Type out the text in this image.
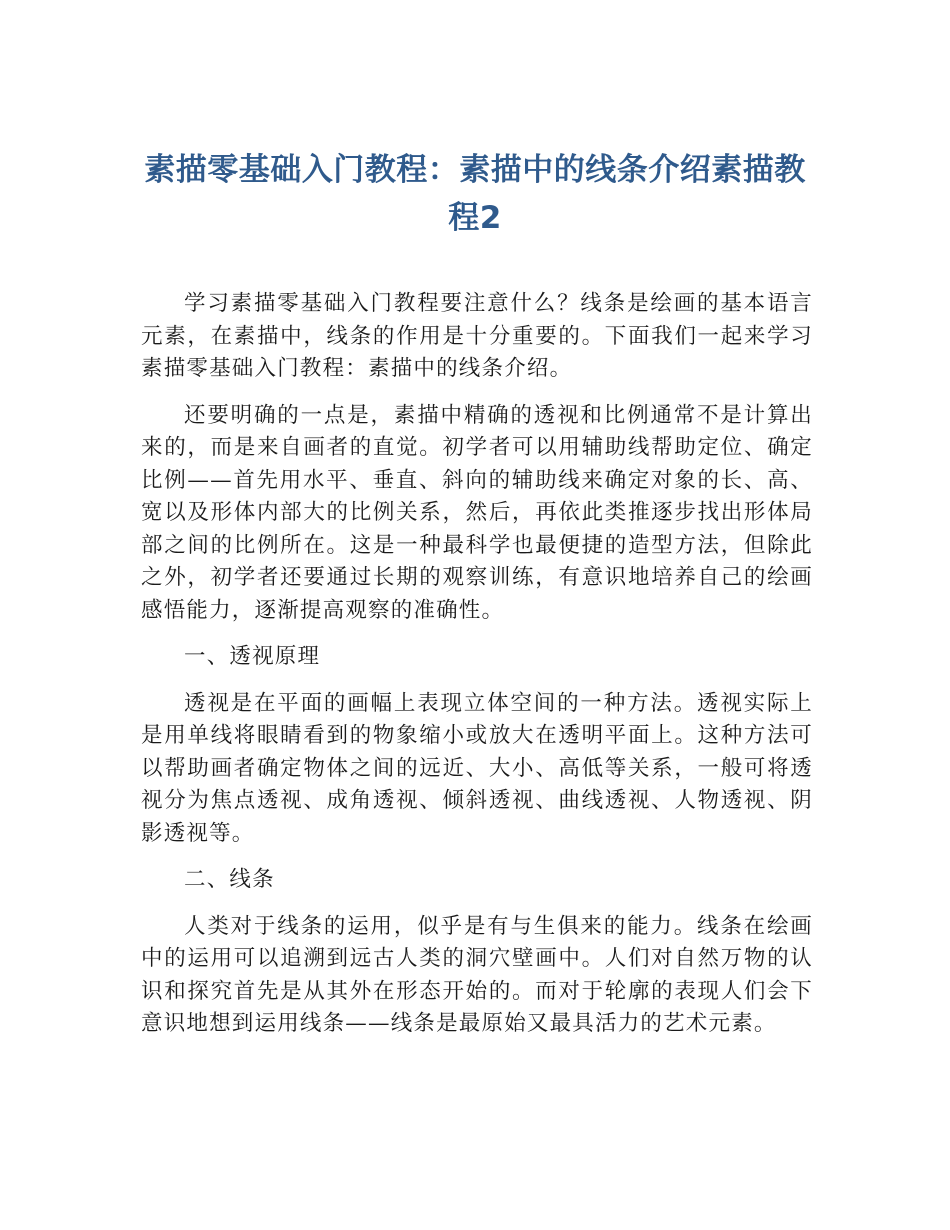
素描零基础入门教程：素描中的线条介绍素描教程2

学习素描零基础入门教程要注意什么？线条是绘画的基本语言元素，在素描中，线条的作用是十分重要的。下面我们一起来学习素描零基础入门教程：素描中的线条介绍。

还要明确的一点是，素描中精确的透视和比例通常不是计算出来的，而是来自画者的直觉。初学者可以用辅助线帮助定位、确定比例——首先用水平、垂直、斜向的辅助线来确定对象的长、高、宽以及形体内部大的比例关系，然后，再依此类推逐步找出形体局部之间的比例所在。这是一种最科学也最便捷的造型方法，但除此之外，初学者还要通过长期的观察训练，有意识地培养自己的绘画感悟能力，逐渐提高观察的准确性。

一、透视原理

透视是在平面的画幅上表现立体空间的一种方法。透视实际上是用单线将眼睛看到的物象缩小或放大在透明平面上。这种方法可以帮助画者确定物体之间的远近、大小、高低等关系，一般可将透视分为焦点透视、成角透视、倾斜透视、曲线透视、人物透视、阴影透视等。

二、线条

人类对于线条的运用，似乎是有与生俱来的能力。线条在绘画中的运用可以追溯到远古人类的洞穴壁画中。人们对自然万物的认识和探究首先是从其外在形态开始的。而对于轮廓的表现人们会下意识地想到运用线条——线条是最原始又最具活力的艺术元素。
